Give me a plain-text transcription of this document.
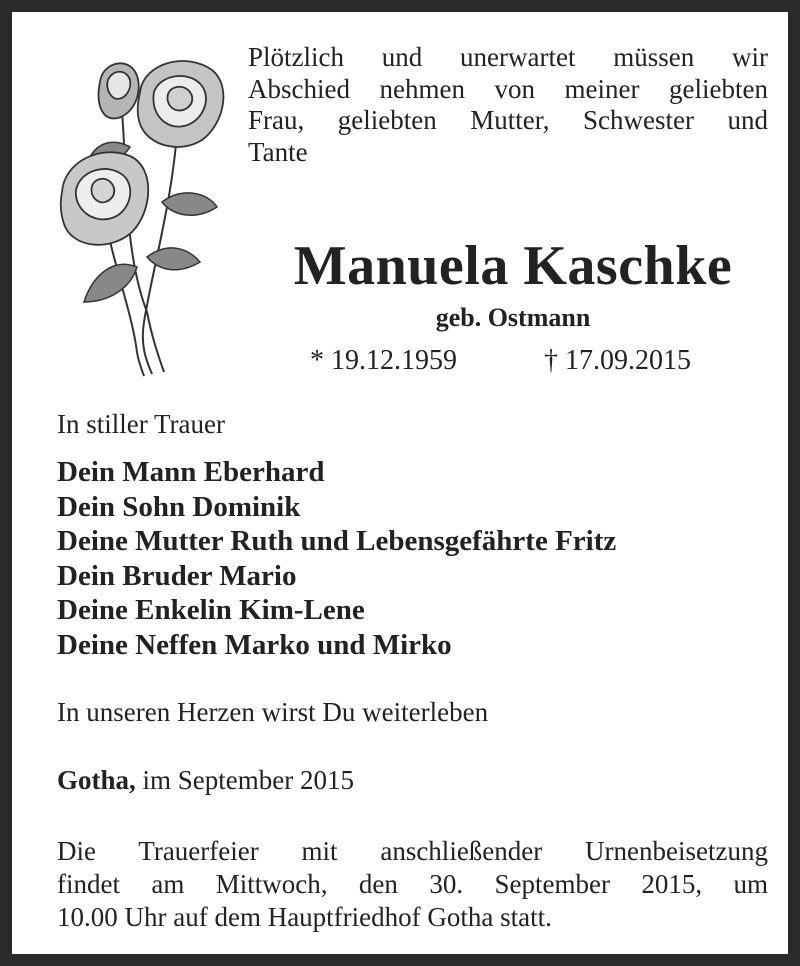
Plötzlich und unerwartet müssen wir
Abschied nehmen von meiner geliebten
Frau, geliebten Mutter, Schwester und
Tante
Manuela Kaschke
geb. Ostmann
* 19.12.1959	† 17.09.2015
In stiller Trauer
Dein Mann Eberhard
Dein Sohn Dominik
Deine Mutter Ruth und Lebensgefährte Fritz
Dein Bruder Mario
Deine Enkelin Kim-Lene
Deine Neffen Marko und Mirko
In unseren Herzen wirst Du weiterleben
Gotha, im September 2015
Die Trauerfeier mit anschließender Urnenbeisetzung
findet am Mittwoch, den 30. September 2015, um
10.00 Uhr auf dem Hauptfriedhof Gotha statt.
